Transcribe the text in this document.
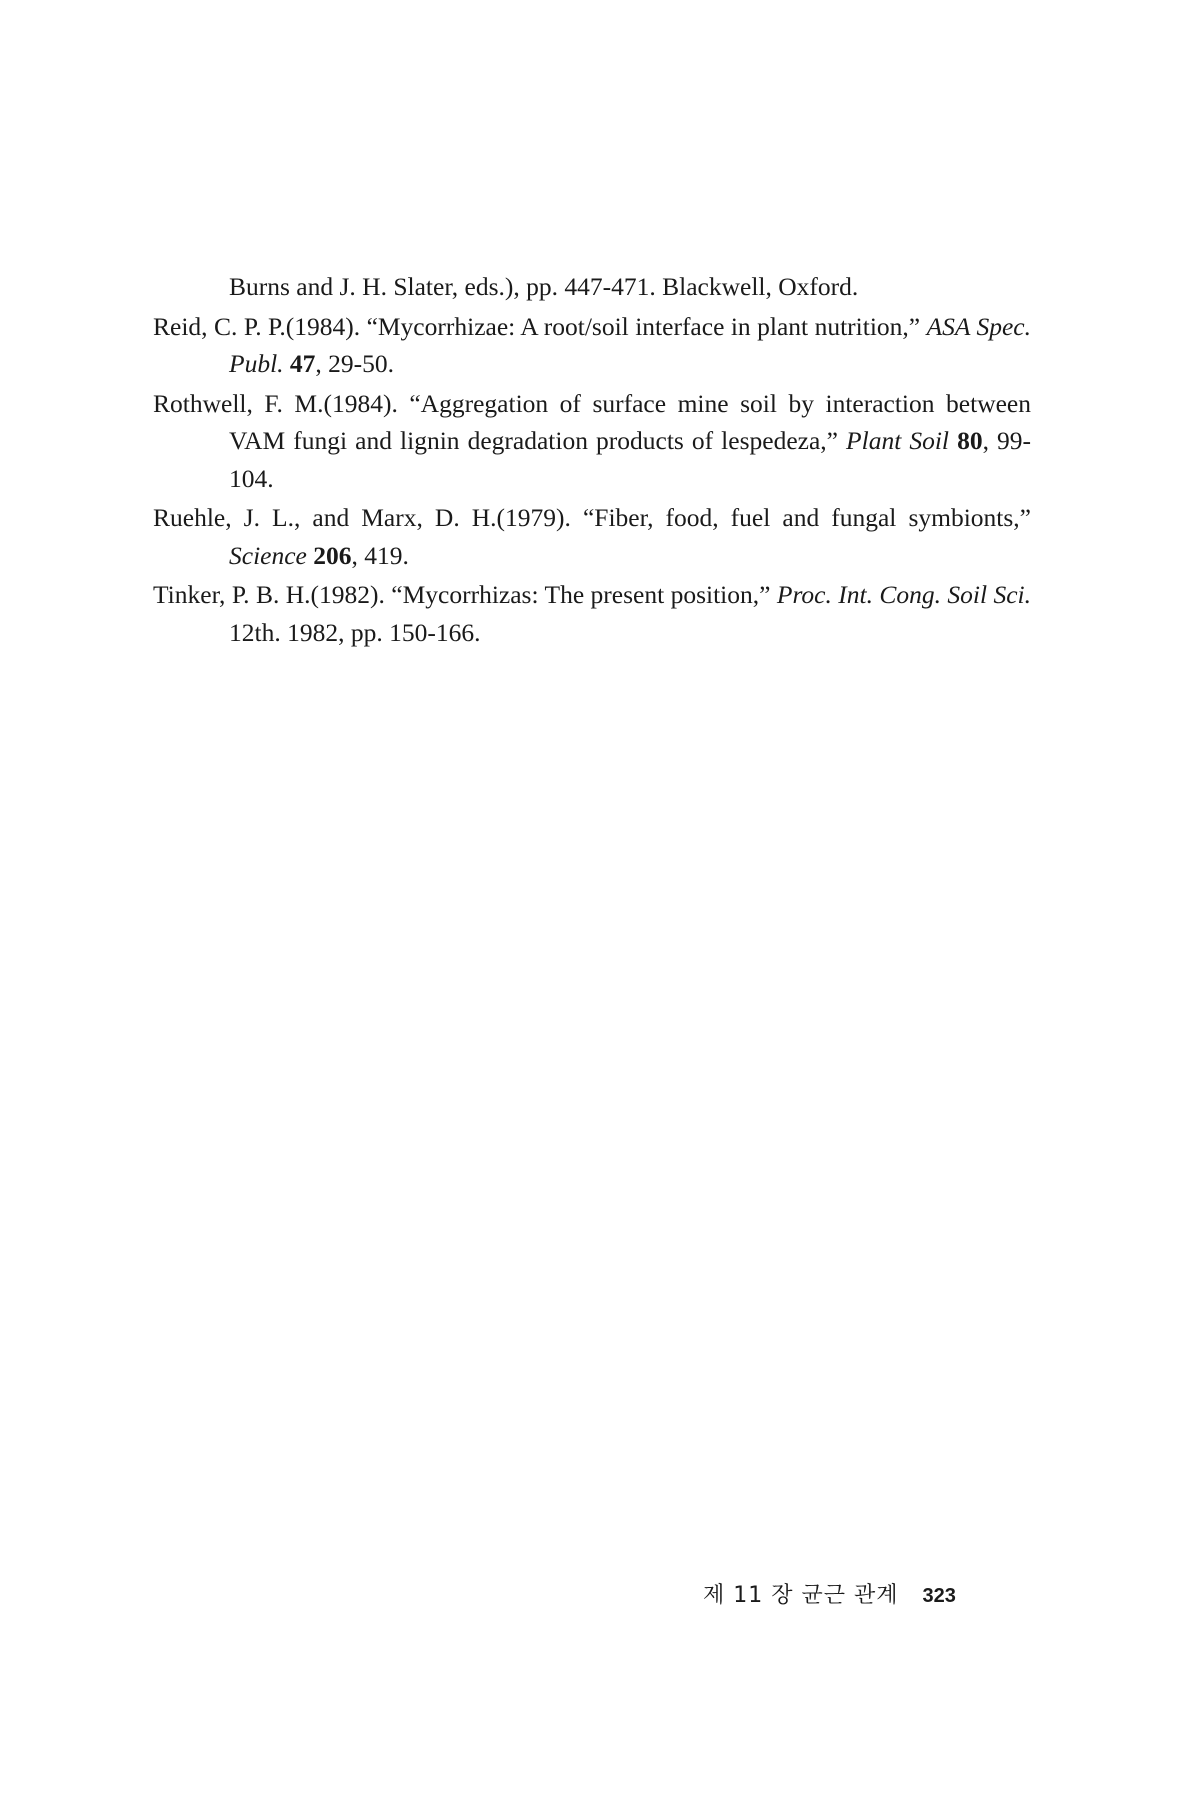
Burns and J. H. Slater, eds.), pp. 447-471. Blackwell, Oxford.

Reid, C. P. P.(1984). “Mycorrhizae: A root/soil interface in plant nutrition,” ASA Spec. Publ. 47, 29-50.

Rothwell, F. M.(1984). “Aggregation of surface mine soil by interaction between VAM fungi and lignin degradation products of lespedeza,” Plant Soil 80, 99-104.

Ruehle, J. L., and Marx, D. H.(1979). “Fiber, food, fuel and fungal symbionts,” Science 206, 419.

Tinker, P. B. H.(1982). “Mycorrhizas: The present position,” Proc. Int. Cong. Soil Sci. 12th. 1982, pp. 150-166.

제 11 장 균근 관계 323
